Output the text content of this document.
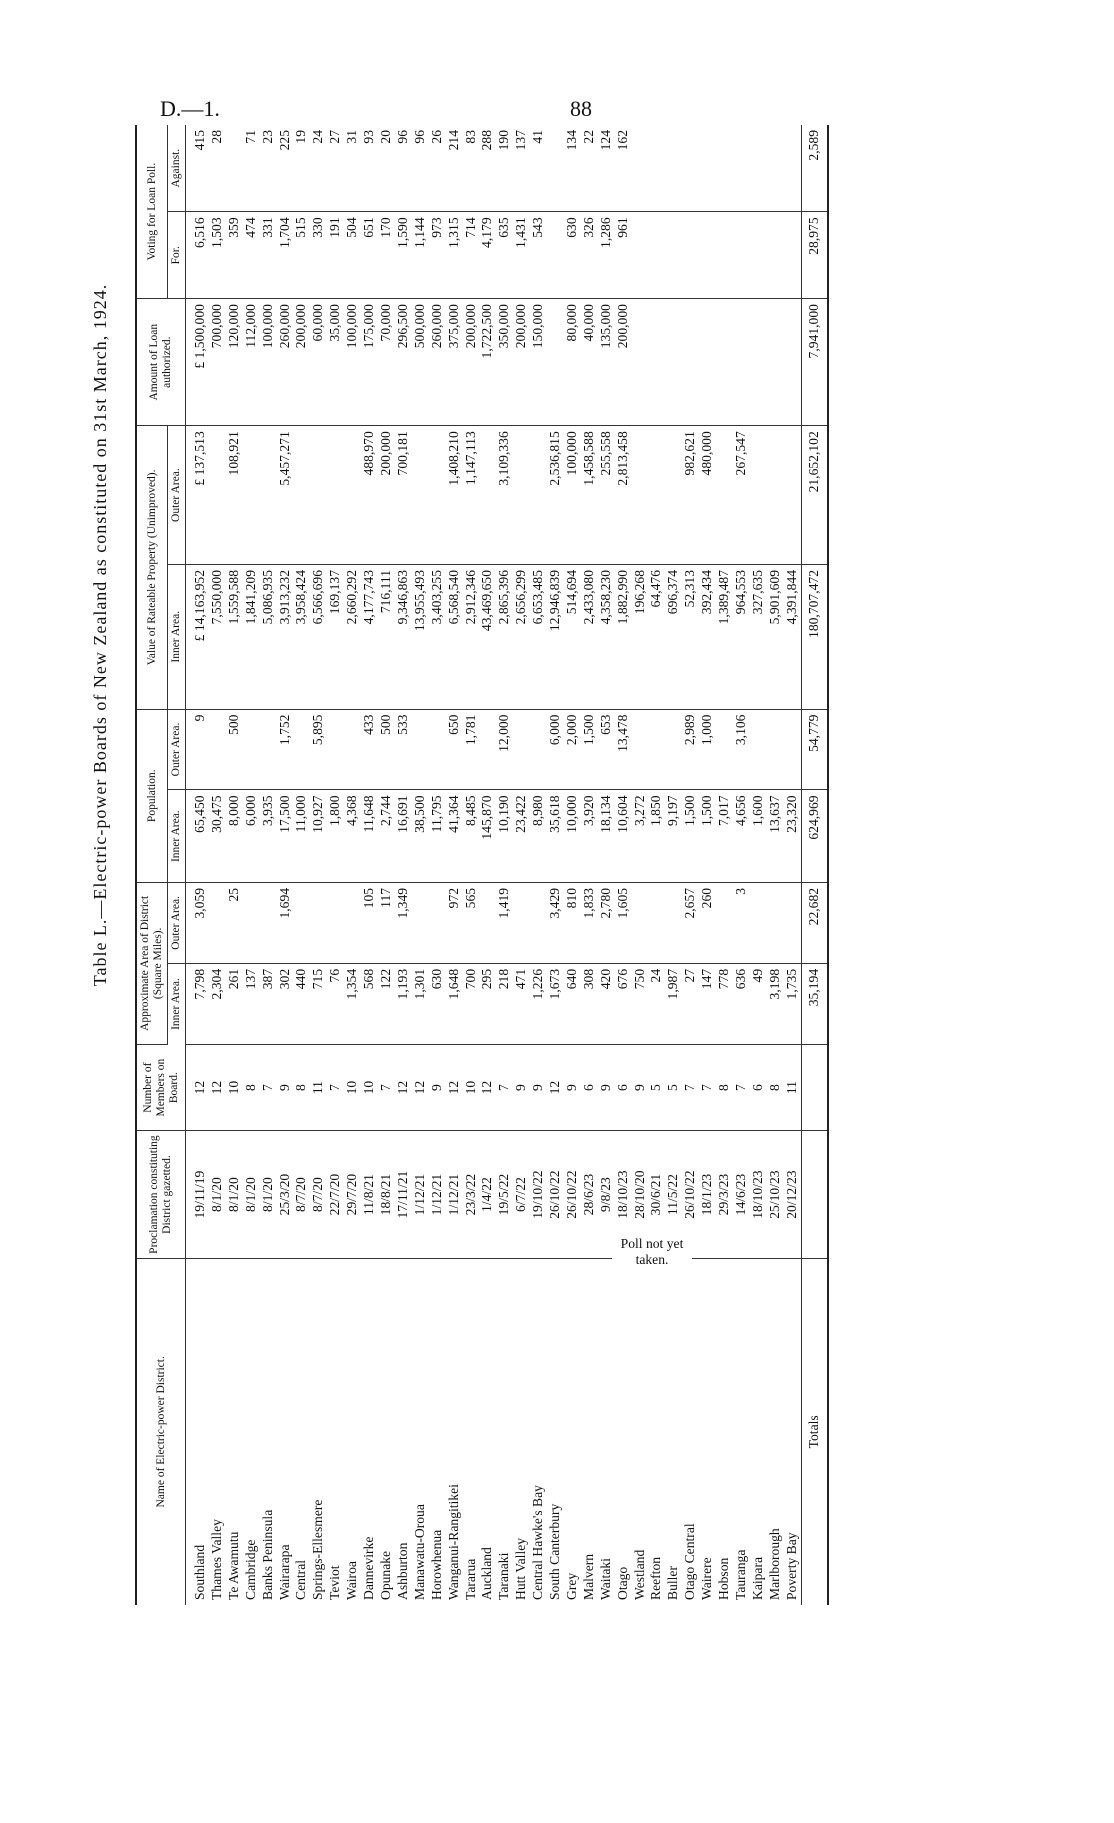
D.—1.	88
Table L.—Electric-power Boards of New Zealand as constituted on 31st March, 1924.
Name of Electric-power District.	Proclamation constituting District gazetted.	Number of Members on Board.	Approximate Area of District (Square Miles).		Population.		Value of Rateable Property (Unimproved).		Amount of Loan authorized.	Voting for Loan Poll.	
			Inner Area.	Outer Area.	Inner Area.	Outer Area.	Inner Area.	Outer Area.		For.	Against.
Southland	19/11/19	12	7,798	3,059	65,450	9	£ 14,163,952	£ 137,513	£ 1,500,000	6,516	415
Thames Valley	8/1/20	12	2,304		30,475		7,550,000		700,000	1,503	28
Te Awamutu	8/1/20	10	261	25	8,000	500	1,559,588	108,921	120,000	359	
Cambridge	8/1/20	8	137		6,000		1,841,209		112,000	474	71
Banks Peninsula	8/1/20	7	387		3,935		5,086,935		100,000	331	23
Wairarapa	25/3/20	9	302	1,694	17,500	1,752	3,913,232	5,457,271	260,000	1,704	225
Central	8/7/20	8	440		11,000		3,958,424		200,000	515	19
Springs-Ellesmere	8/7/20	11	715		10,927	5,895	6,566,696		60,000	330	24
Teviot	22/7/20	7	76		1,800		169,137		35,000	191	27
Wairoa	29/7/20	10	1,354		4,368		2,660,292		100,000	504	31
Dannevirke	11/8/21	10	568	105	11,648	433	4,177,743	488,970	175,000	651	93
Opunake	18/8/21	7	122	117	2,744	500	716,111	200,000	70,000	170	20
Ashburton	17/11/21	12	1,193	1,349	16,691	533	9,346,863	700,181	296,500	1,590	96
Manawatu-Oroua	1/12/21	12	1,301		38,500		13,955,493		500,000	1,144	96
Horowhenua	1/12/21	9	630		11,795		3,403,255		260,000	973	26
Wanganui-Rangitikei	1/12/21	12	1,648	972	41,364	650	6,568,540	1,408,210	375,000	1,315	214
Tararua	23/3/22	10	700	565	8,485	1,781	2,912,346	1,147,113	200,000	714	83
Auckland	1/4/22	12	295		145,870		43,469,650		1,722,500	4,179	288
Taranaki	19/5/22	7	218	1,419	10,190	12,000	2,865,396	3,109,336	350,000	635	190
Hutt Valley	6/7/22	9	471		23,422		2,656,299		200,000	1,431	137
Central Hawke's Bay	19/10/22	9	1,226		8,980		6,653,485		150,000	543	41
South Canterbury	26/10/22	12	1,673	3,429	35,618	6,000	12,946,839	2,536,815			
Grey	26/10/22	9	640	810	10,000	2,000	514,694	100,000	80,000	630	134
Malvern	28/6/23	6	308	1,833	3,920	1,500	2,433,080	1,458,588	40,000	326	22
Waitaki	9/8/23	9	420	2,780	18,134	653	4,358,230	255,558	135,000	1,286	124
Otago	18/10/23	6	676	1,605	10,604	13,478	1,882,990	2,813,458	200,000	961	162
Westland	28/10/20	9	750		3,272		196,268				
Reefton	30/6/21	5	24		1,850		64,476				
Buller	11/5/22	5	1,987		9,197		696,374				
Otago Central	26/10/22	7	27	2,657	1,500	2,989	52,313	982,621			
Wairere	18/1/23	7	147	260	1,500	1,000	392,434	480,000			
Hobson	29/3/23	8	778		7,017		1,389,487				
Tauranga	14/6/23	7	636	3	4,656	3,106	964,553	267,547			
Kaipara	18/10/23	6	49		1,600		327,635				
Marlborough	25/10/23	8	3,198		13,637		5,901,609				
Poverty Bay	20/12/23	11	1,735		23,320		4,391,844				
Totals			35,194	22,682	624,969	54,779	180,707,472	21,652,102	7,941,000	28,975	2,589
Poll not yet taken.
